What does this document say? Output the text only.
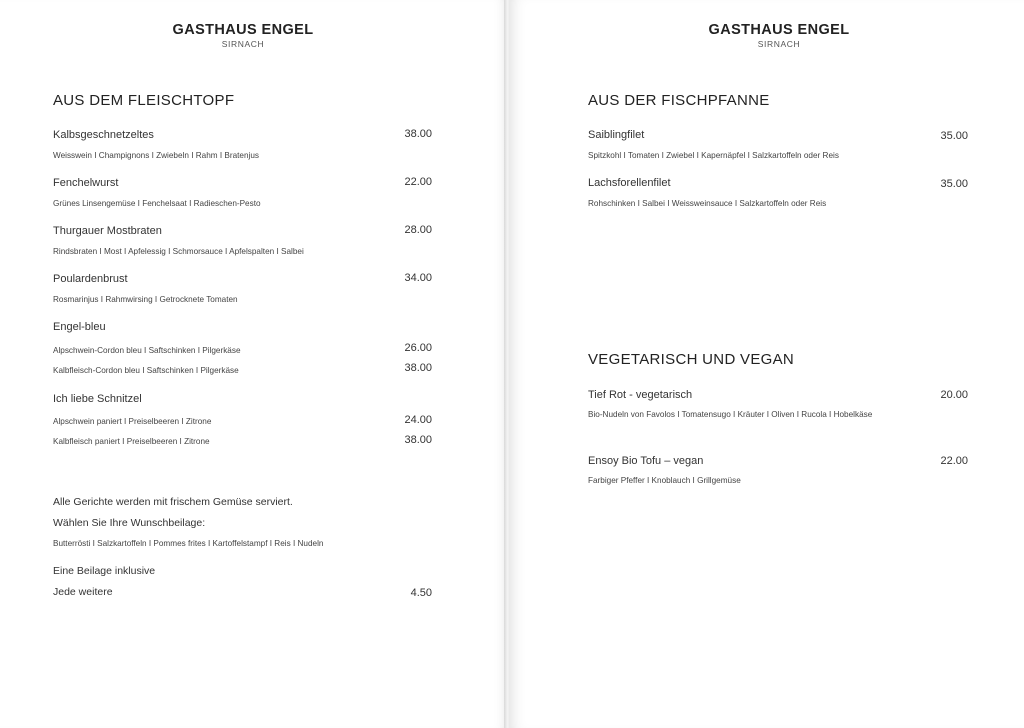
GASTHAUS ENGEL
SIRNACH
AUS DEM FLEISCHTOPF
Kalbsgeschnetzeltes	38.00
Weisswein I Champignons I Zwiebeln I Rahm I Bratenjus
Fenchelwurst	22.00
Grünes Linsengemüse I Fenchelsaat I Radieschen-Pesto
Thurgauer Mostbraten	28.00
Rindsbraten I Most I Apfelessig I Schmorsauce I Apfelspalten I Salbei
Poulardenbrust	34.00
Rosmarinjus I Rahmwirsing I Getrocknete Tomaten
Engel-bleu
Alpschwein-Cordon bleu I Saftschinken I Pilgerkäse	26.00
Kalbfleisch-Cordon bleu I Saftschinken I Pilgerkäse	38.00
Ich liebe Schnitzel
Alpschwein paniert I Preiselbeeren I Zitrone	24.00
Kalbfleisch paniert I Preiselbeeren I Zitrone	38.00
Alle Gerichte werden mit frischem Gemüse serviert.
Wählen Sie Ihre Wunschbeilage:
Butterrösti I Salzkartoffeln I Pommes frites I Kartoffelstampf I Reis I Nudeln
Eine Beilage inklusive
Jede weitere	4.50
GASTHAUS ENGEL
SIRNACH
AUS DER FISCHPFANNE
Saiblingfilet	35.00
Spitzkohl I Tomaten I Zwiebel I Kapernäpfel I Salzkartoffeln oder Reis
Lachsforellenfilet	35.00
Rohschinken I Salbei I Weissweinsauce I Salzkartoffeln oder Reis
VEGETARISCH UND VEGAN
Tief Rot - vegetarisch	20.00
Bio-Nudeln von Favolos I Tomatensugo I Kräuter I Oliven I Rucola I Hobelkäse
Ensoy Bio Tofu – vegan	22.00
Farbiger Pfeffer I Knoblauch I Grillgemüse
